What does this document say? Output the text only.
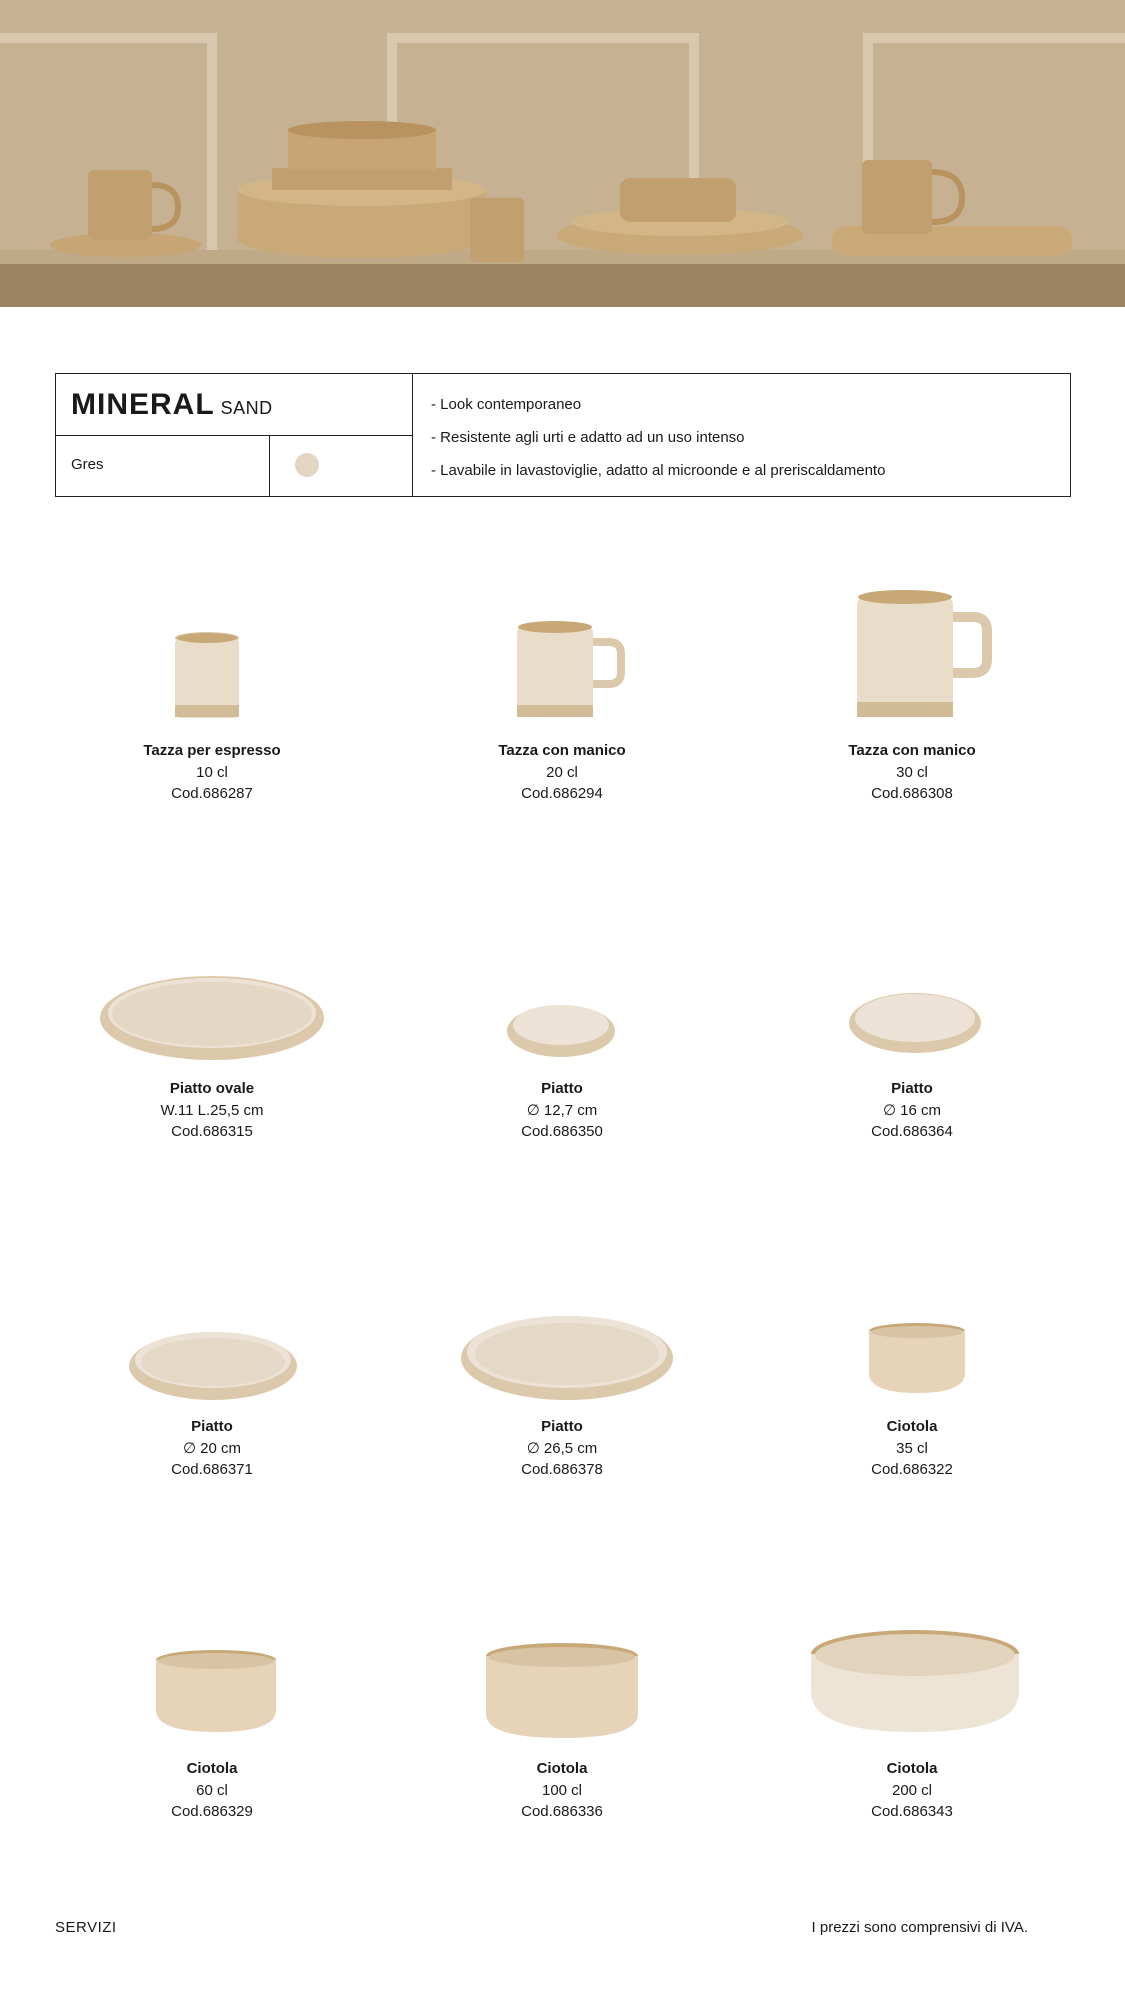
MINERAL SAND
Gres
- Look contemporaneo
- Resistente agli urti e adatto ad un uso intenso
- Lavabile in lavastoviglie, adatto al microonde e al preriscaldamento
Tazza per espresso
10 cl
Cod.686287
Tazza con manico
20 cl
Cod.686294
Tazza con manico
30 cl
Cod.686308
Piatto ovale
W.11 L.25,5 cm
Cod.686315
Piatto
∅ 12,7 cm
Cod.686350
Piatto
∅ 16 cm
Cod.686364
Piatto
∅ 20 cm
Cod.686371
Piatto
∅ 26,5 cm
Cod.686378
Ciotola
35 cl
Cod.686322
Ciotola
60 cl
Cod.686329
Ciotola
100 cl
Cod.686336
Ciotola
200 cl
Cod.686343
SERVIZI	I prezzi sono comprensivi di IVA.
